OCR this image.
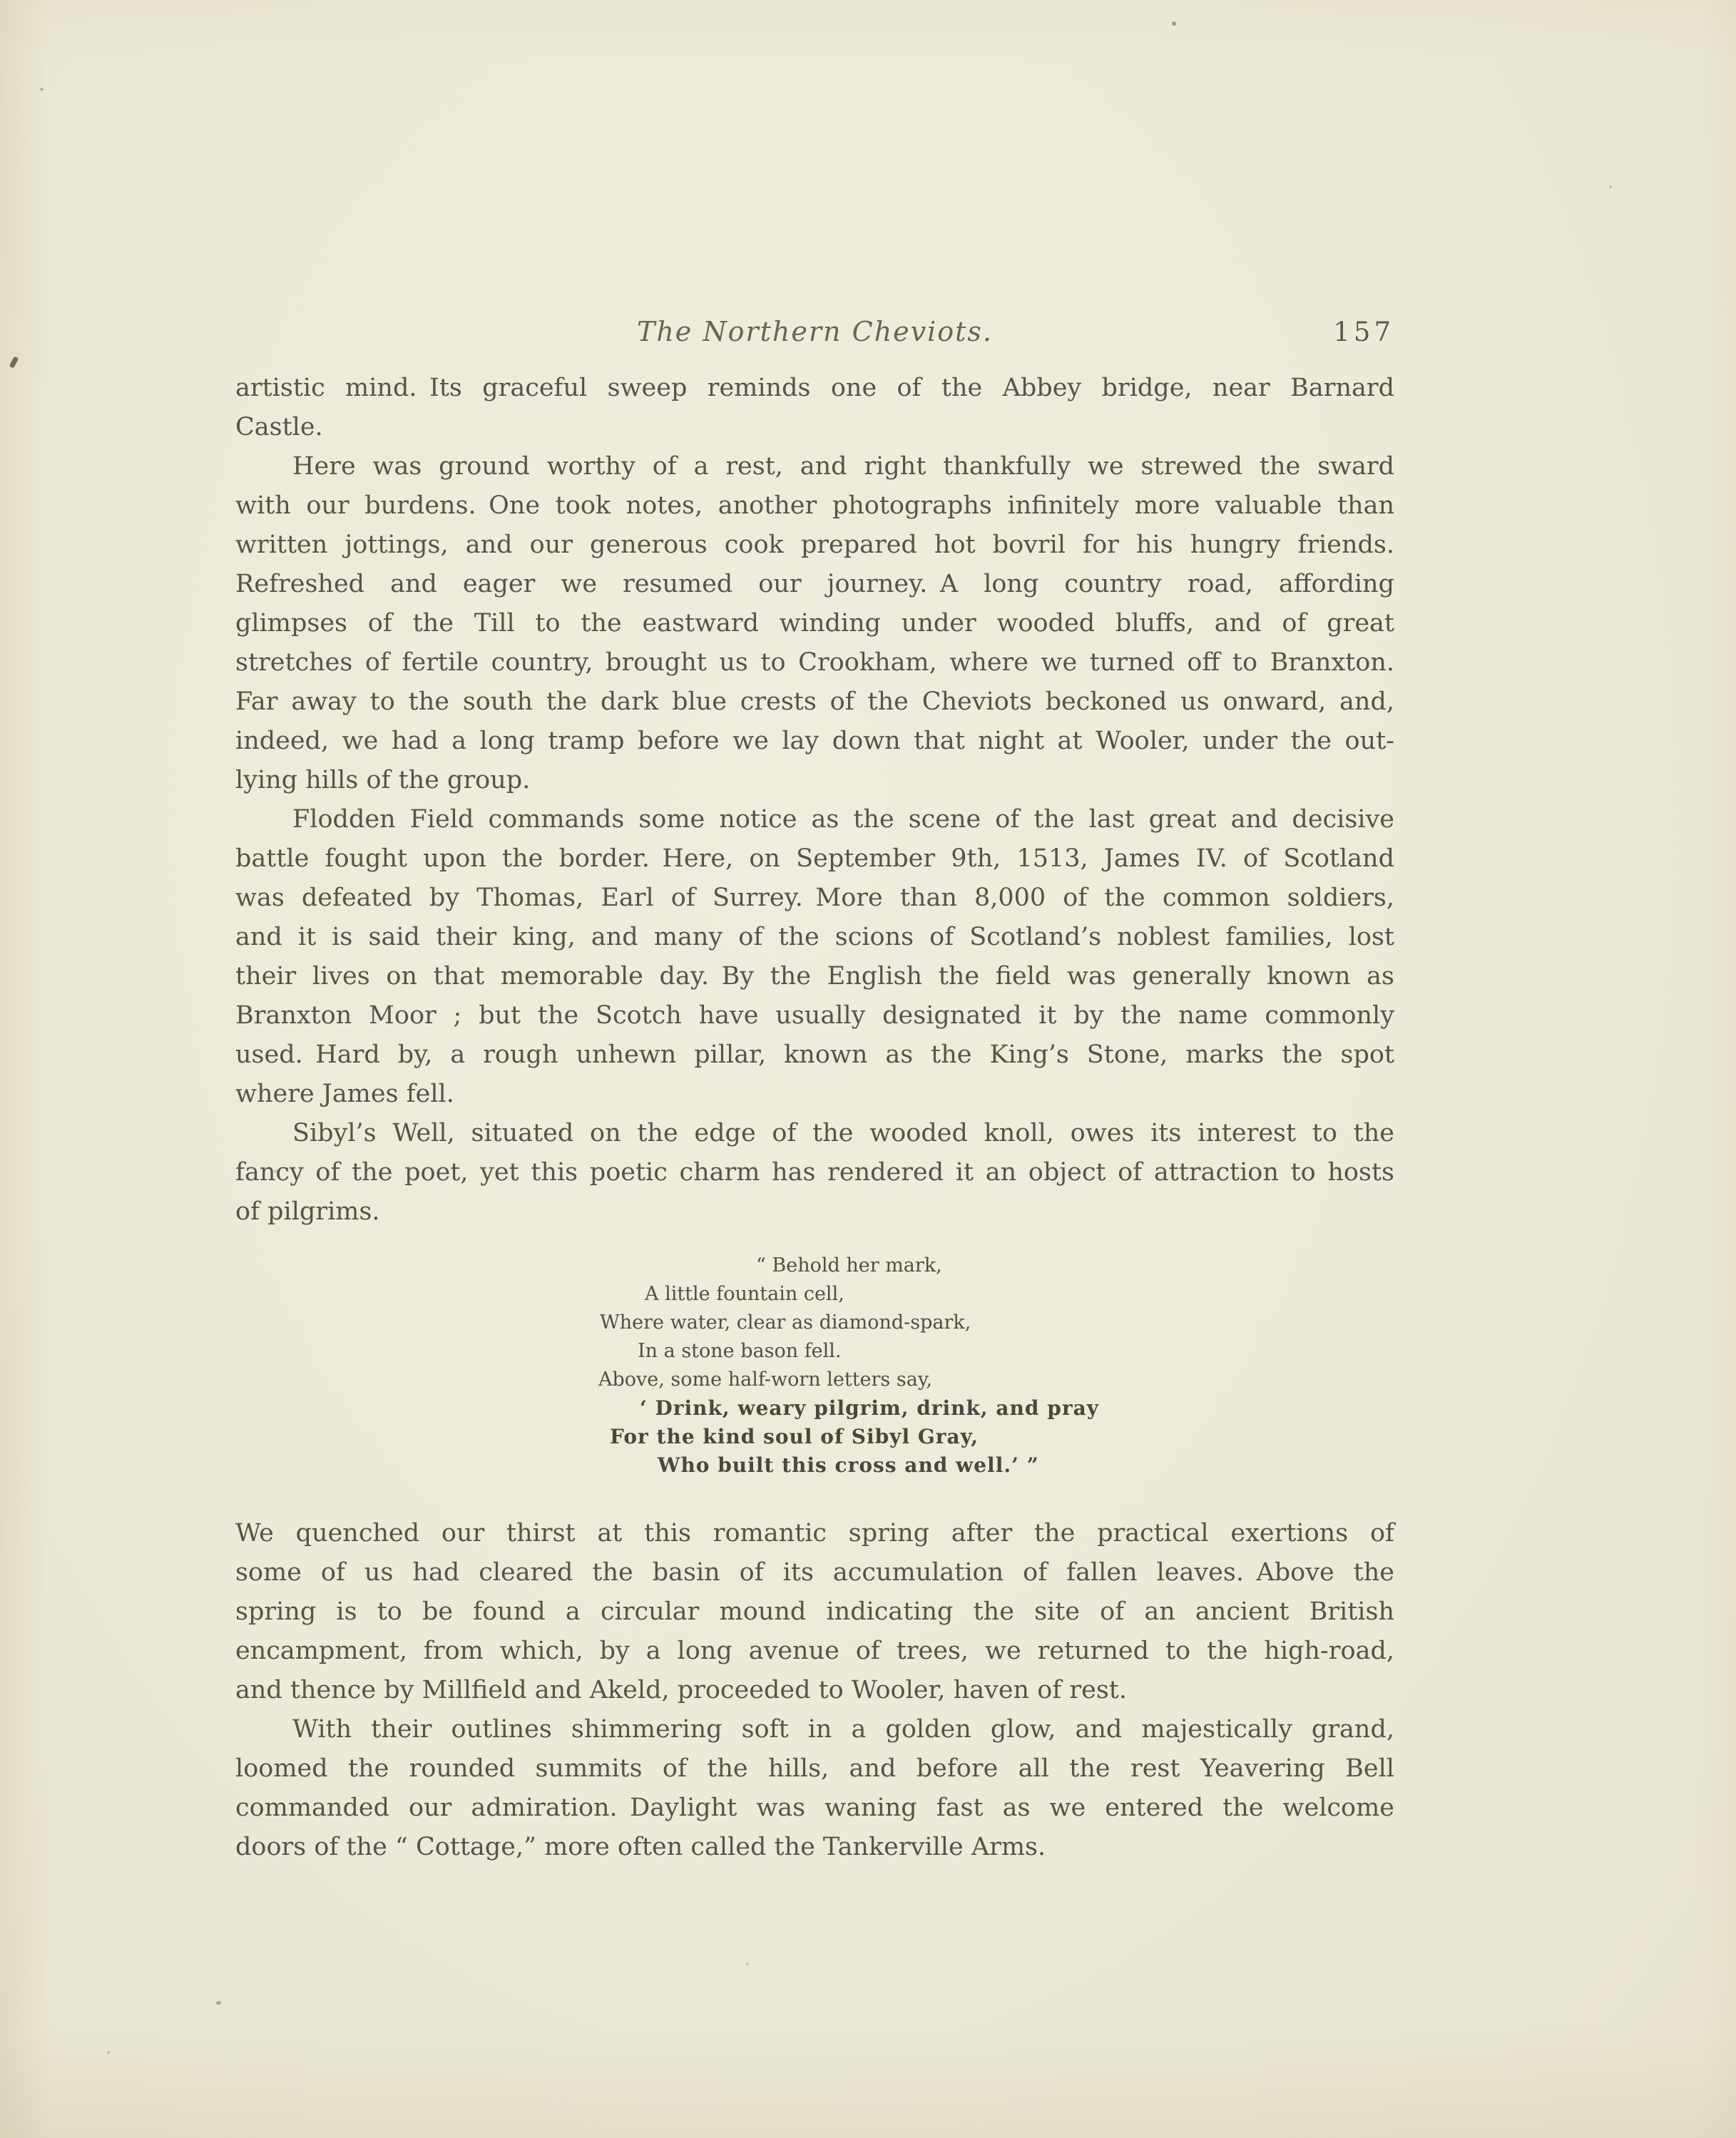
The Northern Cheviots.	157
artistic mind. Its graceful sweep reminds one of the Abbey bridge, near Barnard
Castle.
Here was ground worthy of a rest, and right thankfully we strewed the sward
with our burdens. One took notes, another photographs infinitely more valuable than
written jottings, and our generous cook prepared hot bovril for his hungry friends.
Refreshed and eager we resumed our journey. A long country road, affording
glimpses of the Till to the eastward winding under wooded bluffs, and of great
stretches of fertile country, brought us to Crookham, where we turned off to Branxton.
Far away to the south the dark blue crests of the Cheviots beckoned us onward, and,
indeed, we had a long tramp before we lay down that night at Wooler, under the out-
lying hills of the group.
Flodden Field commands some notice as the scene of the last great and decisive
battle fought upon the border. Here, on September 9th, 1513, James IV. of Scotland
was defeated by Thomas, Earl of Surrey. More than 8,000 of the common soldiers,
and it is said their king, and many of the scions of Scotland’s noblest families, lost
their lives on that memorable day. By the English the field was generally known as
Branxton Moor ; but the Scotch have usually designated it by the name commonly
used. Hard by, a rough unhewn pillar, known as the King’s Stone, marks the spot
where James fell.
Sibyl’s Well, situated on the edge of the wooded knoll, owes its interest to the
fancy of the poet, yet this poetic charm has rendered it an object of attraction to hosts
of pilgrims.
“ Behold her mark,
A little fountain cell,
Where water, clear as diamond-spark,
In a stone bason fell.
Above, some half-worn letters say,
‘ Drink, weary pilgrim, drink, and pray
For the kind soul of Sibyl Gray,
Who built this cross and well.’ ”
We quenched our thirst at this romantic spring after the practical exertions of
some of us had cleared the basin of its accumulation of fallen leaves. Above the
spring is to be found a circular mound indicating the site of an ancient British
encampment, from which, by a long avenue of trees, we returned to the high-road,
and thence by Millfield and Akeld, proceeded to Wooler, haven of rest.
With their outlines shimmering soft in a golden glow, and majestically grand,
loomed the rounded summits of the hills, and before all the rest Yeavering Bell
commanded our admiration. Daylight was waning fast as we entered the welcome
doors of the “ Cottage,” more often called the Tankerville Arms.
